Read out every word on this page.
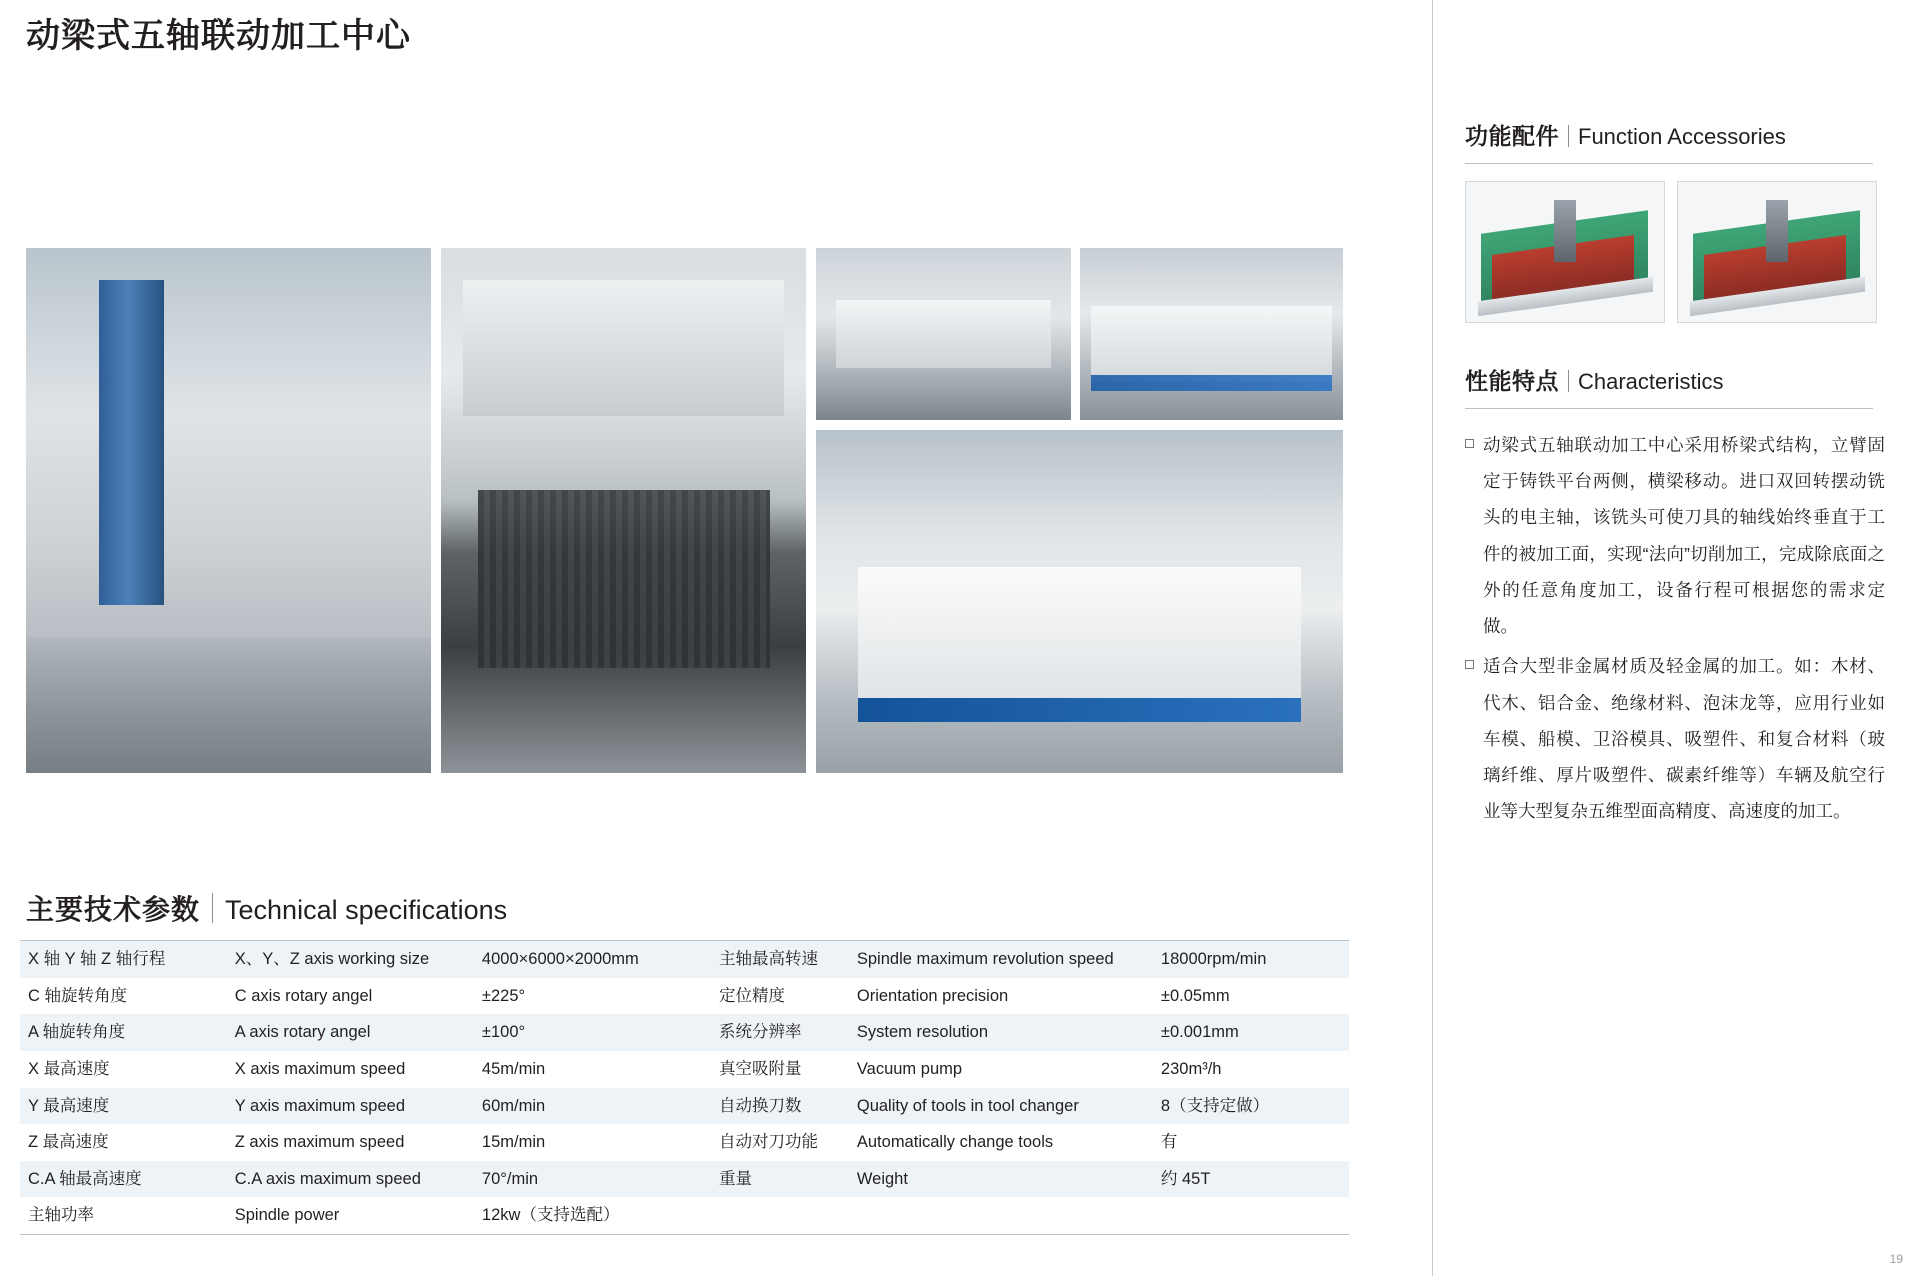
动梁式五轴联动加工中心
主要技术参数 Technical specifications
X 轴 Y 轴 Z 轴行程	X、Y、Z axis working size	4000×6000×2000mm	主轴最高转速	Spindle maximum revolution speed	18000rpm/min
C 轴旋转角度	C axis rotary angel	±225°	定位精度	Orientation precision	±0.05mm
A 轴旋转角度	A axis rotary angel	±100°	系统分辨率	System resolution	±0.001mm
X 最高速度	X axis maximum speed	45m/min	真空吸附量	Vacuum pump	230m³/h
Y 最高速度	Y axis maximum speed	60m/min	自动换刀数	Quality of tools in tool changer	8（支持定做）
Z 最高速度	Z axis maximum speed	15m/min	自动对刀功能	Automatically change tools	有
C.A 轴最高速度	C.A axis maximum speed	70°/min	重量	Weight	约 45T
主轴功率	Spindle power	12kw（支持选配）			
功能配件 Function Accessories
性能特点 Characteristics
动梁式五轴联动加工中心采用桥梁式结构，立臂固定于铸铁平台两侧，横梁移动。进口双回转摆动铣头的电主轴，该铣头可使刀具的轴线始终垂直于工件的被加工面，实现“法向”切削加工，完成除底面之外的任意角度加工，设备行程可根据您的需求定做。
适合大型非金属材质及轻金属的加工。如：木材、代木、铝合金、绝缘材料、泡沫龙等，应用行业如车模、船模、卫浴模具、吸塑件、和复合材料（玻璃纤维、厚片吸塑件、碳素纤维等）车辆及航空行业等大型复杂五维型面高精度、高速度的加工。
19
